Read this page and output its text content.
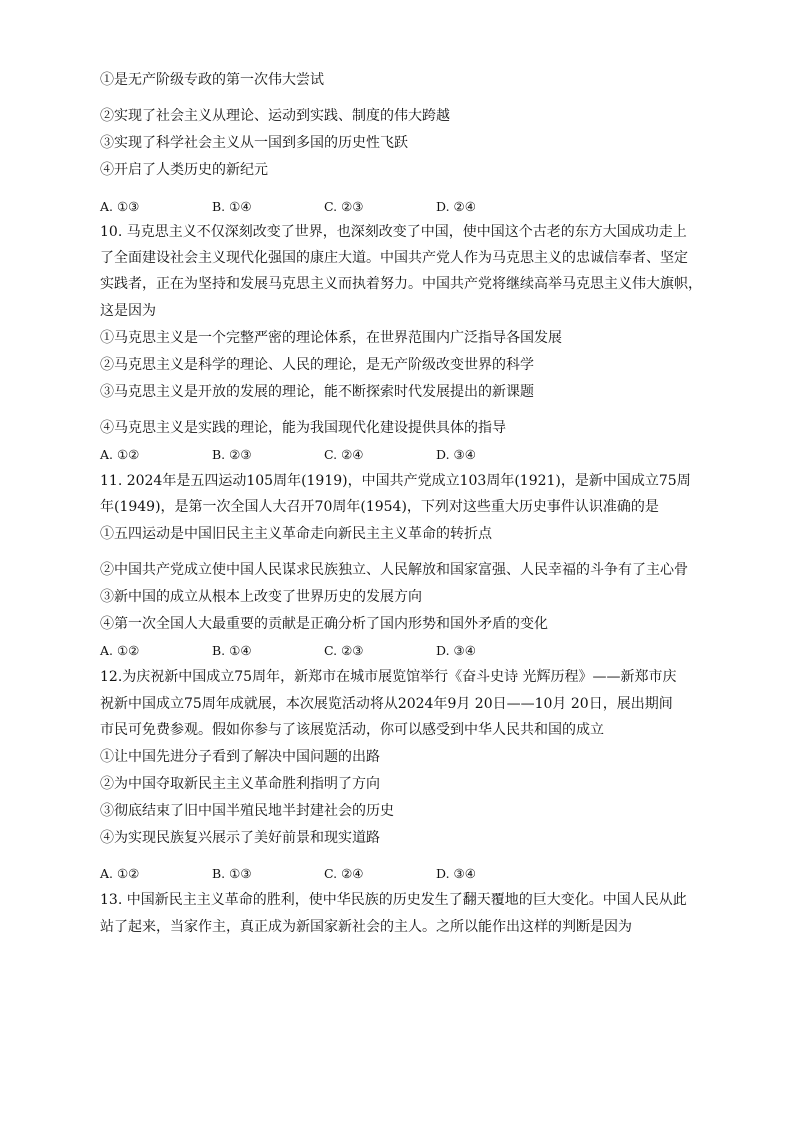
①是无产阶级专政的第一次伟大尝试
②实现了社会主义从理论、运动到实践、制度的伟大跨越
③实现了科学社会主义从一国到多国的历史性飞跃
④开启了人类历史的新纪元
A. ①③	B. ①④	C. ②③	D. ②④
10. 马克思主义不仅深刻改变了世界，也深刻改变了中国，使中国这个古老的东方大国成功走上
了全面建设社会主义现代化强国的康庄大道。中国共产党人作为马克思主义的忠诚信奉者、坚定
实践者，正在为坚持和发展马克思主义而执着努力。中国共产党将继续高举马克思主义伟大旗帜，
这是因为
①马克思主义是一个完整严密的理论体系，在世界范围内广泛指导各国发展
②马克思主义是科学的理论、人民的理论，是无产阶级改变世界的科学
③马克思主义是开放的发展的理论，能不断探索时代发展提出的新课题
④马克思主义是实践的理论，能为我国现代化建设提供具体的指导
A. ①②	B. ②③	C. ②④	D. ③④
11. 2024年是五四运动105周年(1919)，中国共产党成立103周年(1921)，是新中国成立75周
年(1949)，是第一次全国人大召开70周年(1954)，下列对这些重大历史事件认识准确的是
①五四运动是中国旧民主主义革命走向新民主主义革命的转折点
②中国共产党成立使中国人民谋求民族独立、人民解放和国家富强、人民幸福的斗争有了主心骨
③新中国的成立从根本上改变了世界历史的发展方向
④第一次全国人大最重要的贡献是正确分析了国内形势和国外矛盾的变化
A. ①②	B. ①④	C. ②③	D. ③④
12.为庆祝新中国成立75周年，新郑市在城市展览馆举行《奋斗史诗 光辉历程》——新郑市庆
祝新中国成立75周年成就展，本次展览活动将从2024年9月 20日——10月 20日，展出期间
市民可免费参观。假如你参与了该展览活动，你可以感受到中华人民共和国的成立
①让中国先进分子看到了解决中国问题的出路
②为中国夺取新民主主义革命胜利指明了方向
③彻底结束了旧中国半殖民地半封建社会的历史
④为实现民族复兴展示了美好前景和现实道路
A. ①②	B. ①③	C. ②④	D. ③④
13. 中国新民主主义革命的胜利，使中华民族的历史发生了翻天覆地的巨大变化。中国人民从此
站了起来，当家作主，真正成为新国家新社会的主人。之所以能作出这样的判断是因为
